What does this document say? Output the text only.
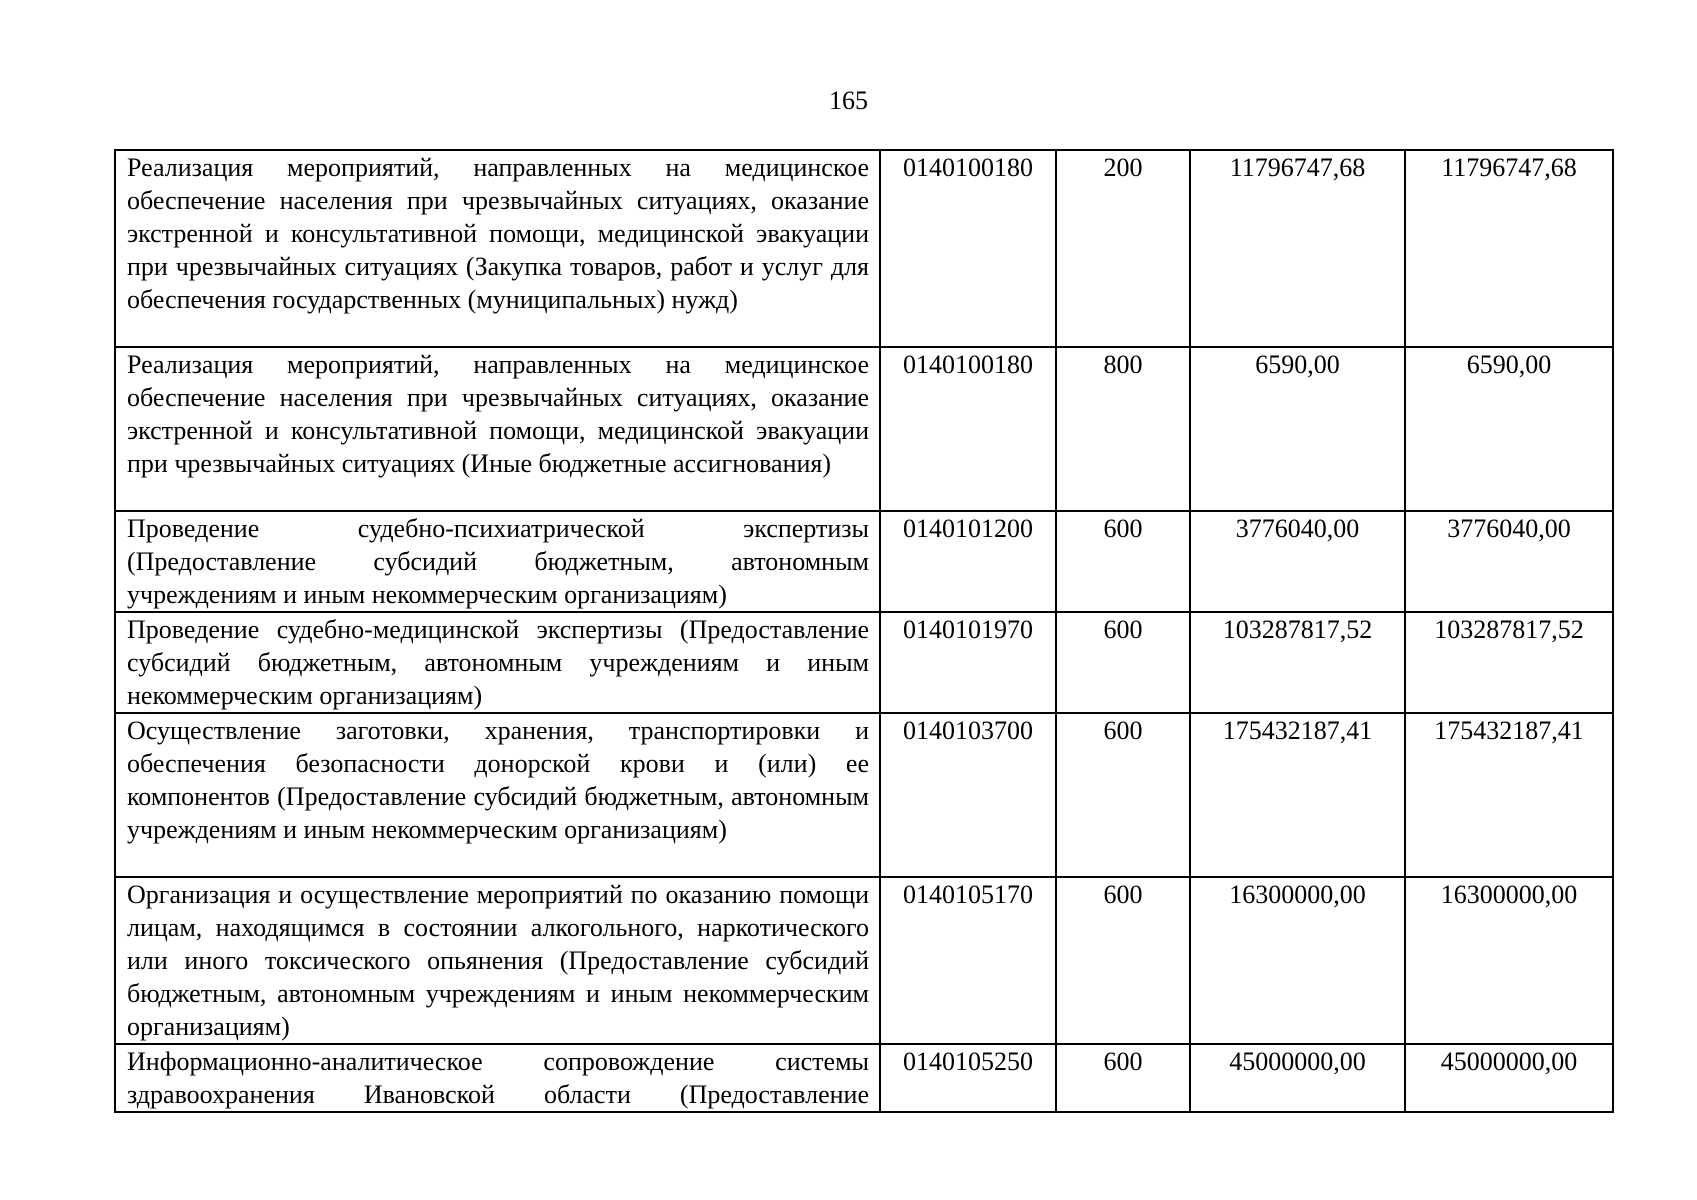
165
Реализация мероприятий, направленных на медицинское обеспечение населения при чрезвычайных ситуациях, оказание экстренной и консультативной помощи, медицинской эвакуации при чрезвычайных ситуациях (Закупка товаров, работ и услуг для обеспечения государственных (муниципальных) нужд)	0140100180	200	11796747,68	11796747,68

Реализация мероприятий, направленных на медицинское обеспечение населения при чрезвычайных ситуациях, оказание экстренной и консультативной помощи, медицинской эвакуации при чрезвычайных ситуациях (Иные бюджетные ассигнования)	0140100180	800	6590,00	6590,00

Проведение судебно-психиатрической экспертизы (Предоставление субсидий бюджетным, автономным учреждениям и иным некоммерческим организациям)	0140101200	600	3776040,00	3776040,00

Проведение судебно-медицинской экспертизы (Предоставление субсидий бюджетным, автономным учреждениям и иным некоммерческим организациям)	0140101970	600	103287817,52	103287817,52

Осуществление заготовки, хранения, транспортировки и обеспечения безопасности донорской крови и (или) ее компонентов (Предоставление субсидий бюджетным, автономным учреждениям и иным некоммерческим организациям)	0140103700	600	175432187,41	175432187,41

Организация и осуществление мероприятий по оказанию помощи лицам, находящимся в состоянии алкогольного, наркотического или иного токсического опьянения (Предоставление субсидий бюджетным, автономным учреждениям и иным некоммерческим организациям)	0140105170	600	16300000,00	16300000,00

Информационно-аналитическое сопровождение системы здравоохранения Ивановской области (Предоставление	0140105250	600	45000000,00	45000000,00
